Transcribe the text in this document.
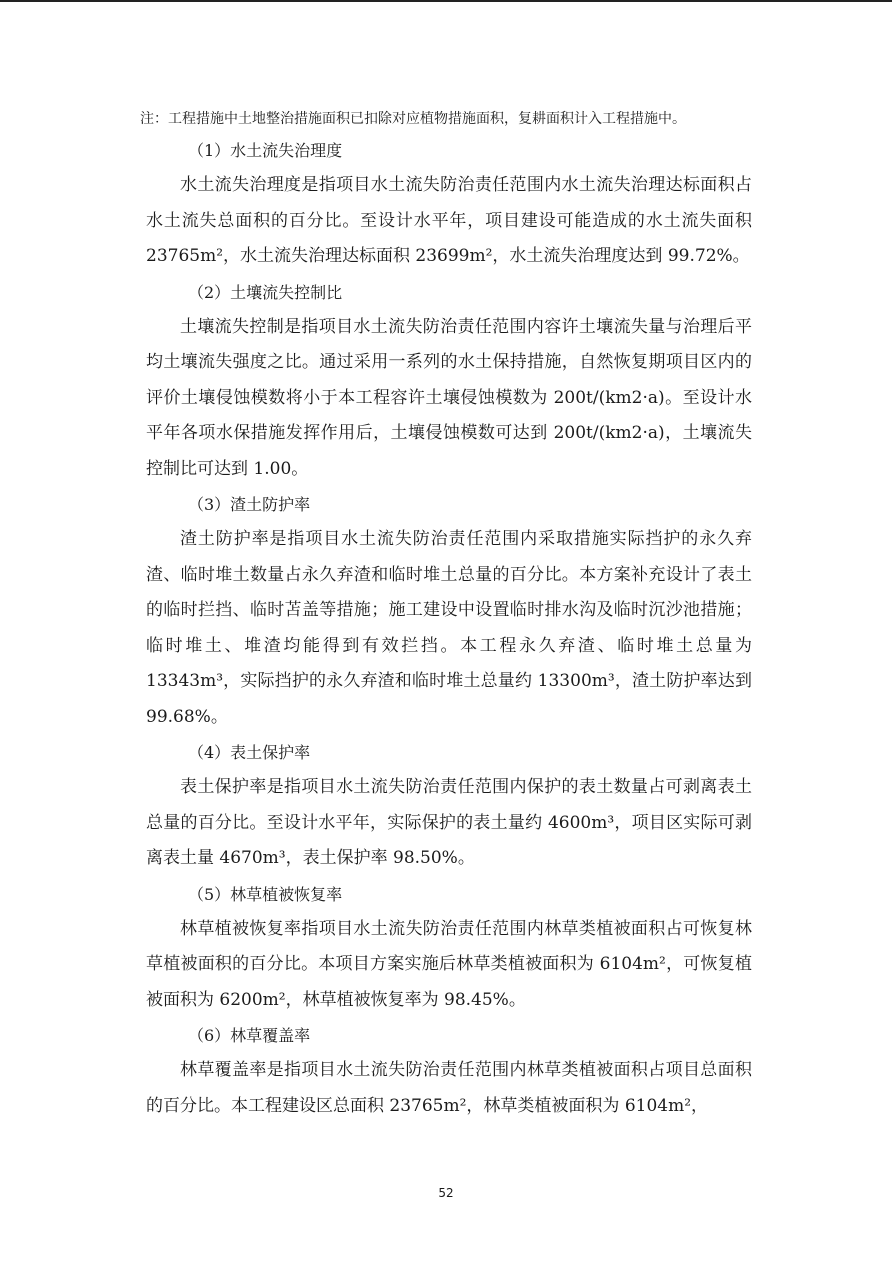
注：工程措施中土地整治措施面积已扣除对应植物措施面积，复耕面积计入工程措施中。
（1）水土流失治理度

水土流失治理度是指项目水土流失防治责任范围内水土流失治理达标面积占水土流失总面积的百分比。至设计水平年，项目建设可能造成的水土流失面积 23765m²，水土流失治理达标面积 23699m²，水土流失治理度达到 99.72%。

（2）土壤流失控制比

土壤流失控制是指项目水土流失防治责任范围内容许土壤流失量与治理后平均土壤流失强度之比。通过采用一系列的水土保持措施，自然恢复期项目区内的评价土壤侵蚀模数将小于本工程容许土壤侵蚀模数为 200t/(km2·a)。至设计水平年各项水保措施发挥作用后，土壤侵蚀模数可达到 200t/(km2·a)，土壤流失控制比可达到 1.00。

（3）渣土防护率

渣土防护率是指项目水土流失防治责任范围内采取措施实际挡护的永久弃渣、临时堆土数量占永久弃渣和临时堆土总量的百分比。本方案补充设计了表土的临时拦挡、临时苫盖等措施；施工建设中设置临时排水沟及临时沉沙池措施；临时堆土、堆渣均能得到有效拦挡。本工程永久弃渣、临时堆土总量为 13343m³，实际挡护的永久弃渣和临时堆土总量约 13300m³，渣土防护率达到 99.68%。

（4）表土保护率

表土保护率是指项目水土流失防治责任范围内保护的表土数量占可剥离表土总量的百分比。至设计水平年，实际保护的表土量约 4600m³，项目区实际可剥离表土量 4670m³，表土保护率 98.50%。

（5）林草植被恢复率

林草植被恢复率指项目水土流失防治责任范围内林草类植被面积占可恢复林草植被面积的百分比。本项目方案实施后林草类植被面积为 6104m²，可恢复植被面积为 6200m²，林草植被恢复率为 98.45%。

（6）林草覆盖率

林草覆盖率是指项目水土流失防治责任范围内林草类植被面积占项目总面积的百分比。本工程建设区总面积 23765m²，林草类植被面积为 6104m²，

52
